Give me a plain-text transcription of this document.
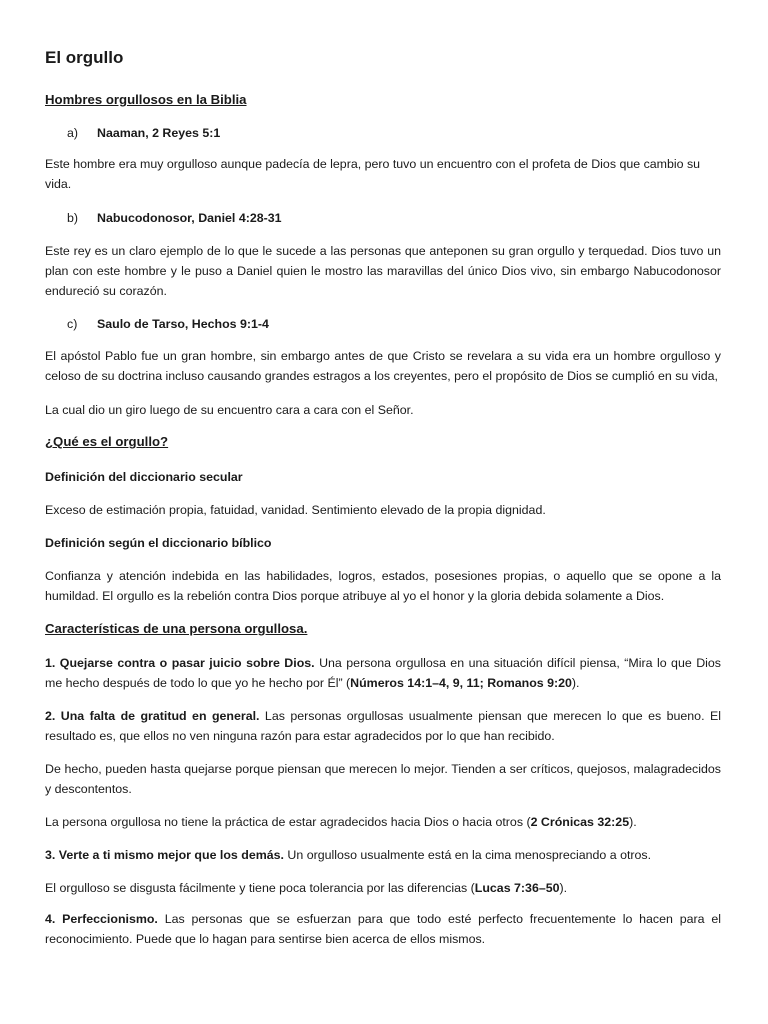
El orgullo
Hombres orgullosos en la Biblia
a) Naaman, 2 Reyes 5:1
Este hombre era muy orgulloso aunque padecía de lepra, pero tuvo un encuentro con el profeta de Dios que cambio su vida.
b) Nabucodonosor, Daniel 4:28-31
Este rey es un claro ejemplo de lo que le sucede a las personas que anteponen su gran orgullo y terquedad. Dios tuvo un plan con este hombre y le puso a Daniel quien le mostro las maravillas del único Dios vivo, sin embargo Nabucodonosor endureció su corazón.
c) Saulo de Tarso, Hechos 9:1-4
El apóstol Pablo fue un gran hombre, sin embargo antes de que Cristo se revelara a su vida era un hombre orgulloso y celoso de su doctrina incluso causando grandes estragos a los creyentes, pero el propósito de Dios se cumplió en su vida,
La cual dio un giro luego de su encuentro cara a cara con el Señor.
¿Qué es el orgullo?
Definición del diccionario secular
Exceso de estimación propia, fatuidad, vanidad. Sentimiento elevado de la propia dignidad.
Definición según el diccionario bíblico
Confianza y atención indebida en las habilidades, logros, estados, posesiones propias, o aquello que se opone a la humildad. El orgullo es la rebelión contra Dios porque atribuye al yo el honor y la gloria debida solamente a Dios.
Características de una persona orgullosa.
1. Quejarse contra o pasar juicio sobre Dios. Una persona orgullosa en una situación difícil piensa, “Mira lo que Dios me hecho después de todo lo que yo he hecho por Él” (Números 14:1–4, 9, 11; Romanos 9:20).
2. Una falta de gratitud en general. Las personas orgullosas usualmente piensan que merecen lo que es bueno. El resultado es, que ellos no ven ninguna razón para estar agradecidos por lo que han recibido.
De hecho, pueden hasta quejarse porque piensan que merecen lo mejor. Tienden a ser críticos, quejosos, malagradecidos y descontentos.
La persona orgullosa no tiene la práctica de estar agradecidos hacia Dios o hacia otros (2 Crónicas 32:25).
3. Verte a ti mismo mejor que los demás. Un orgulloso usualmente está en la cima menospreciando a otros.
El orgulloso se disgusta fácilmente y tiene poca tolerancia por las diferencias (Lucas 7:36–50).
4. Perfeccionismo. Las personas que se esfuerzan para que todo esté perfecto frecuentemente lo hacen para el reconocimiento. Puede que lo hagan para sentirse bien acerca de ellos mismos.
